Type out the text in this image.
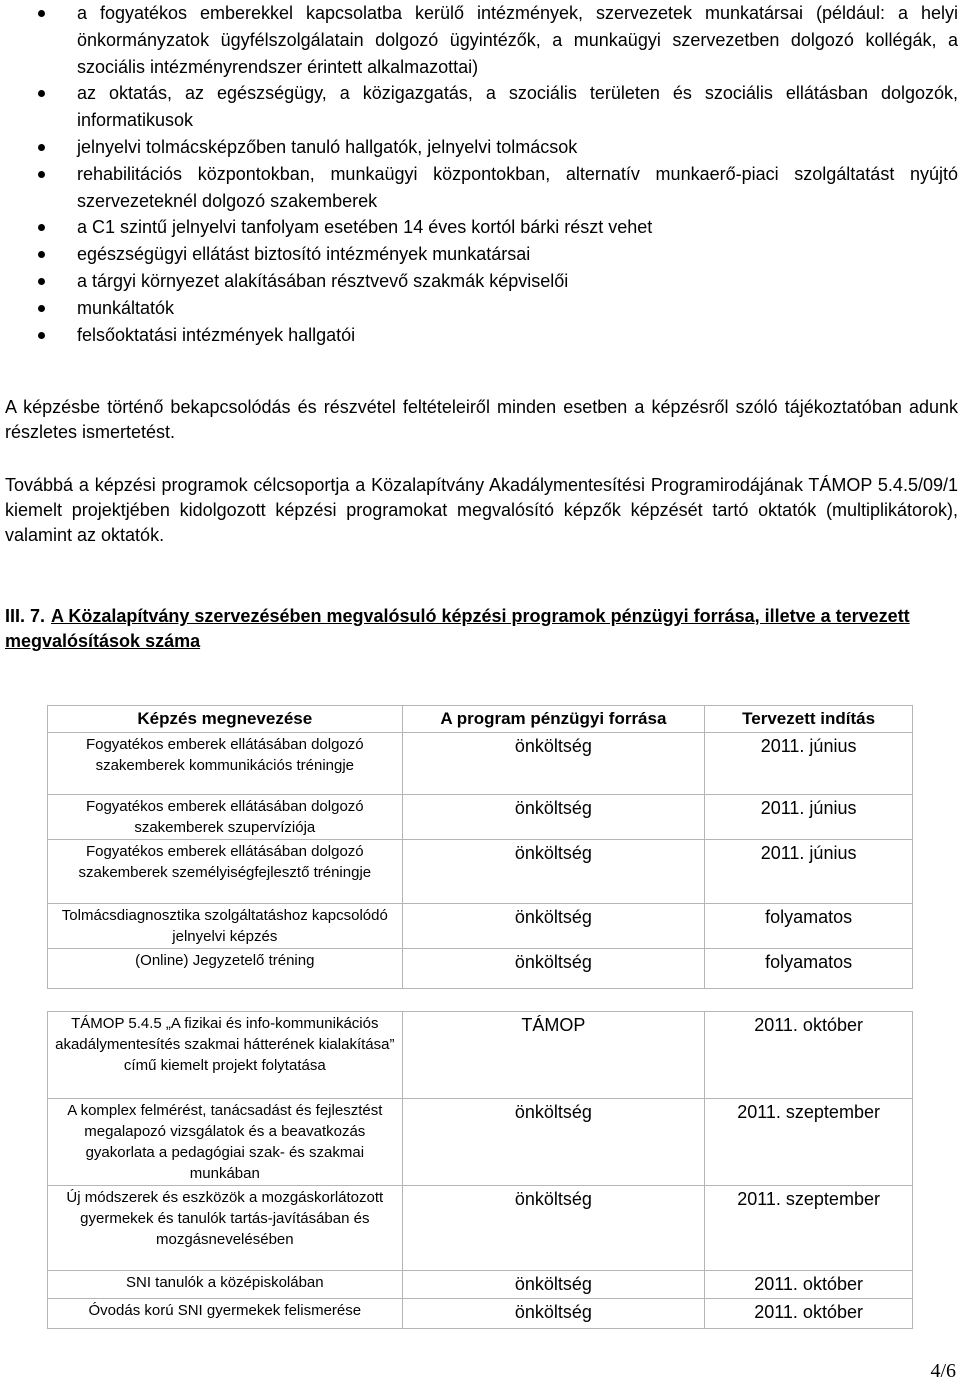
a fogyatékos emberekkel kapcsolatba kerülő intézmények, szervezetek munkatársai (például: a helyi önkormányzatok ügyfélszolgálatain dolgozó ügyintézők, a munkaügyi szervezetben dolgozó kollégák, a szociális intézményrendszer érintett alkalmazottai)
az oktatás, az egészségügy, a közigazgatás, a szociális területen és szociális ellátásban dolgozók, informatikusok
jelnyelvi tolmácsképzőben tanuló hallgatók, jelnyelvi tolmácsok
rehabilitációs központokban, munkaügyi központokban, alternatív munkaerő-piaci szolgáltatást nyújtó szervezeteknél dolgozó szakemberek
a C1 szintű jelnyelvi tanfolyam esetében 14 éves kortól bárki részt vehet
egészségügyi ellátást biztosító intézmények munkatársai
a tárgyi környezet alakításában résztvevő szakmák képviselői
munkáltatók
felsőoktatási intézmények hallgatói

A képzésbe történő bekapcsolódás és részvétel feltételeiről minden esetben a képzésről szóló tájékoztatóban adunk részletes ismertetést.

Továbbá a képzési programok célcsoportja a Közalapítvány Akadálymentesítési Programirodájának TÁMOP 5.4.5/09/1 kiemelt projektjében kidolgozott képzési programokat megvalósító képzők képzését tartó oktatók (multiplikátorok), valamint az oktatók.

III. 7. A Közalapítvány szervezésében megvalósuló képzési programok pénzügyi forrása, illetve a tervezett megvalósítások száma
Képzés megnevezése	A program pénzügyi forrása	Tervezett indítás
Fogyatékos emberek ellátásában dolgozó szakemberek kommunikációs tréningje	önköltség	2011. június
Fogyatékos emberek ellátásában dolgozó szakemberek szupervíziója	önköltség	2011. június
Fogyatékos emberek ellátásában dolgozó szakemberek személyiségfejlesztő tréningje	önköltség	2011. június
Tolmácsdiagnosztika szolgáltatáshoz kapcsolódó jelnyelvi képzés	önköltség	folyamatos
(Online) Jegyzetelő tréning	önköltség	folyamatos

TÁMOP 5.4.5 „A fizikai és info-kommunikációs akadálymentesítés szakmai hátterének kialakítása” című kiemelt projekt folytatása	TÁMOP	2011. október
A komplex felmérést, tanácsadást és fejlesztést megalapozó vizsgálatok és a beavatkozás gyakorlata a pedagógiai szak- és szakmai munkában	önköltség	2011. szeptember
Új módszerek és eszközök a mozgáskorlátozott gyermekek és tanulók tartás-javításában és mozgásnevelésében	önköltség	2011. szeptember
SNI tanulók a középiskolában	önköltség	2011. október
Óvodás korú SNI gyermekek felismerése	önköltség	2011. október
4/6
